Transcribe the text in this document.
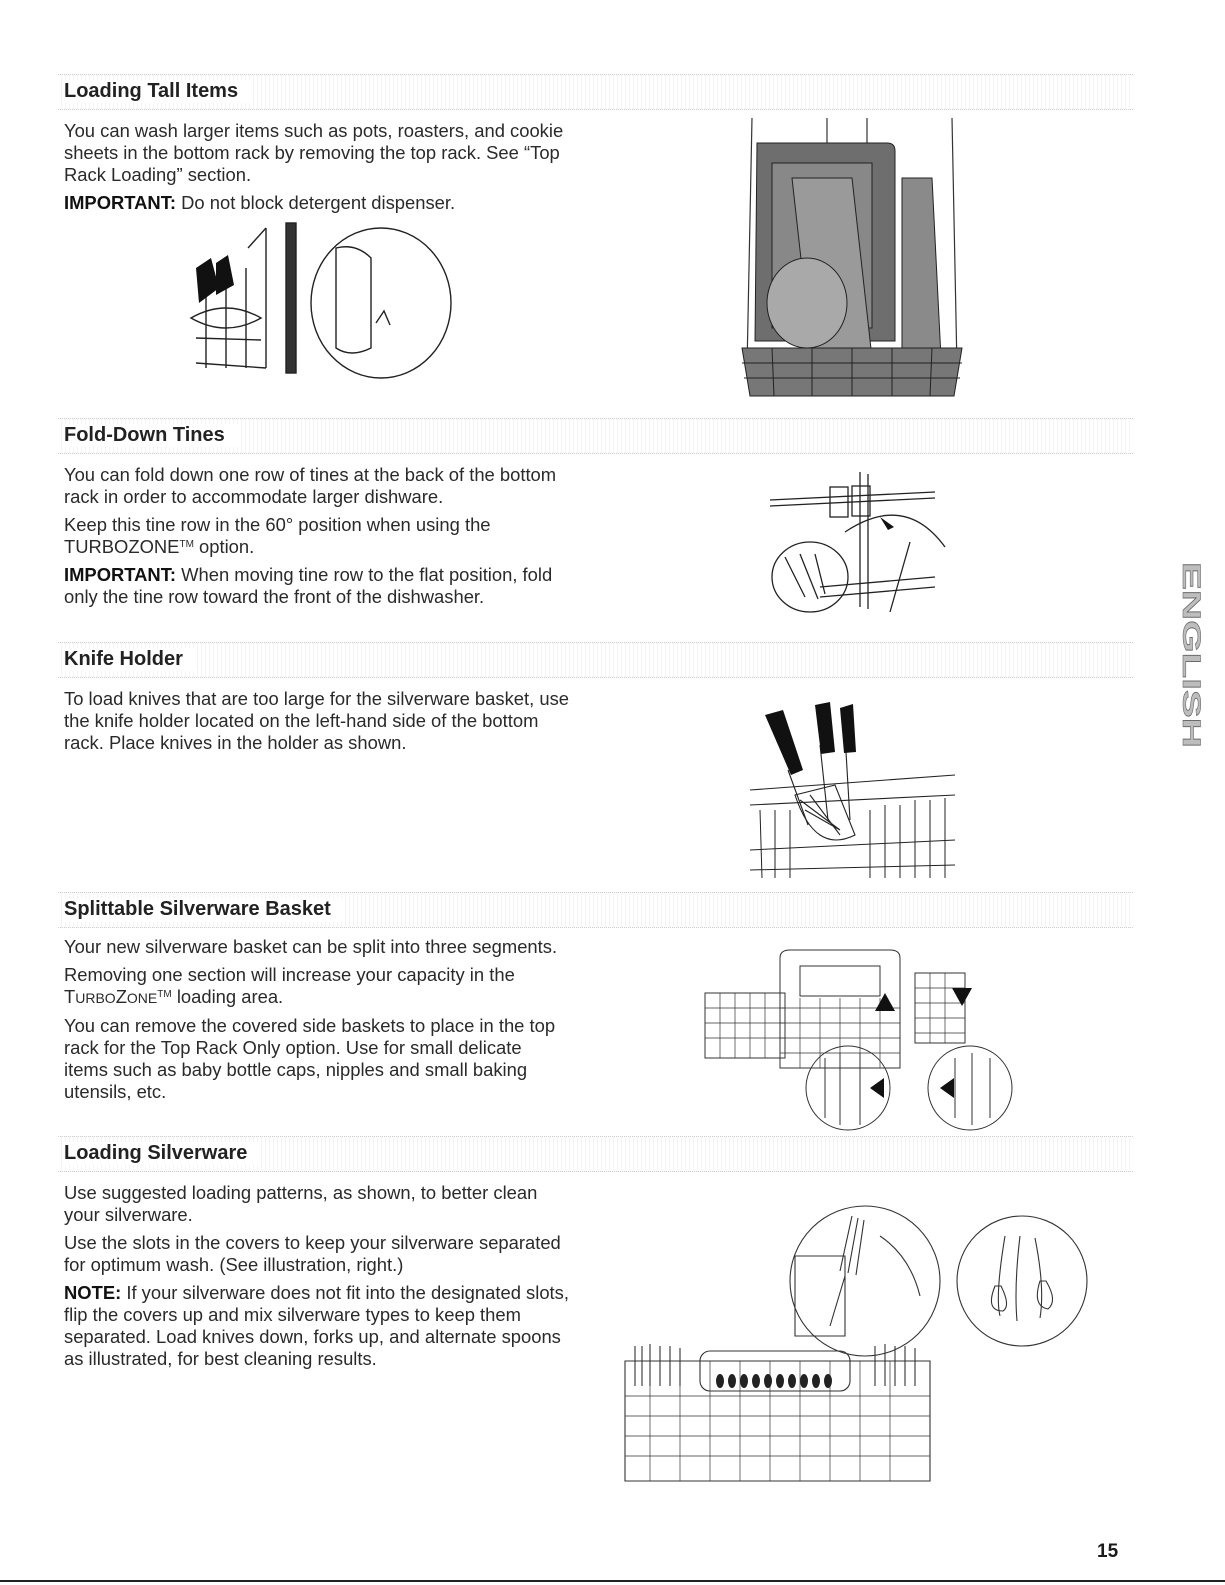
Loading Tall Items

You can wash larger items such as pots, roasters, and cookie sheets in the bottom rack by removing the top rack. See “Top Rack Loading” section.

IMPORTANT: Do not block detergent dispenser.

Fold-Down Tines

You can fold down one row of tines at the back of the bottom rack in order to accommodate larger dishware.

Keep this tine row in the 60° position when using the TURBOZONE™ option.

IMPORTANT: When moving tine row to the flat position, fold only the tine row toward the front of the dishwasher.

Knife Holder

To load knives that are too large for the silverware basket, use the knife holder located on the left-hand side of the bottom rack. Place knives in the holder as shown.

Splittable Silverware Basket

Your new silverware basket can be split into three segments.

Removing one section will increase your capacity in the TURBOZONE™ loading area.

You can remove the covered side baskets to place in the top rack for the Top Rack Only option. Use for small delicate items such as baby bottle caps, nipples and small baking utensils, etc.

Loading Silverware

Use suggested loading patterns, as shown, to better clean your silverware.

Use the slots in the covers to keep your silverware separated for optimum wash. (See illustration, right.)

NOTE: If your silverware does not fit into the designated slots, flip the covers up and mix silverware types to keep them separated. Load knives down, forks up, and alternate spoons as illustrated, for best cleaning results.

ENGLISH
15
